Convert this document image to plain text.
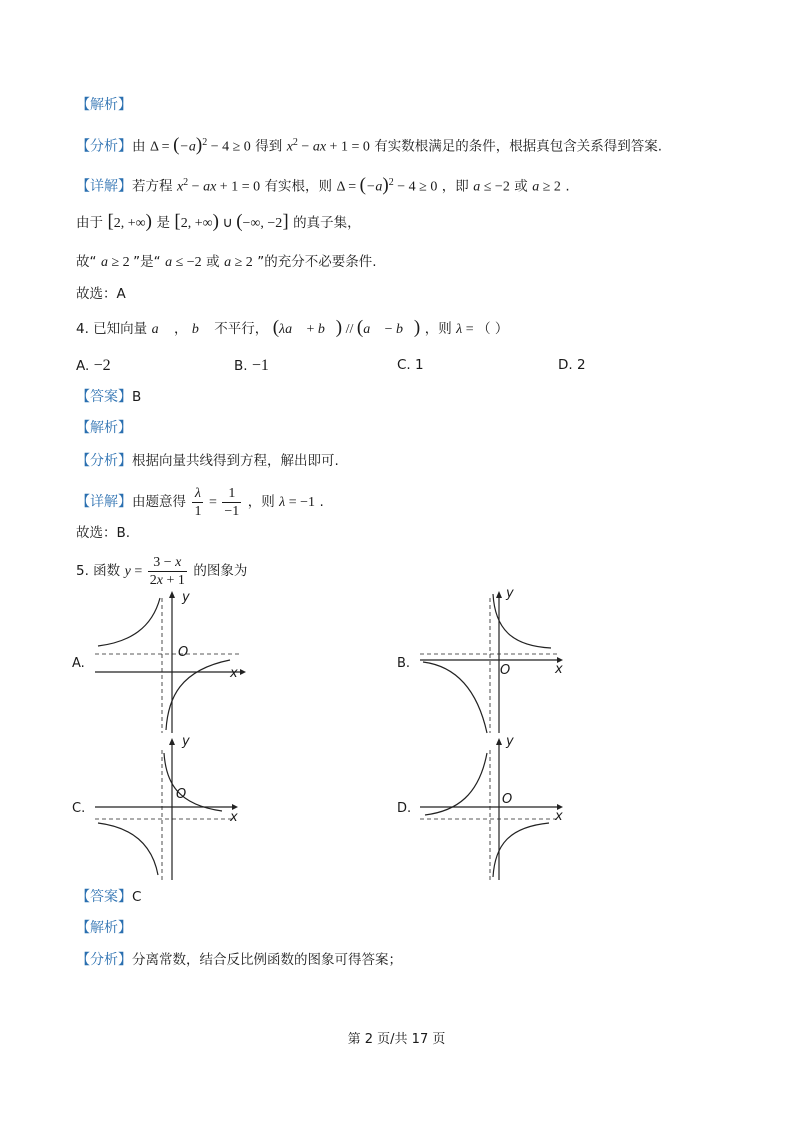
【解析】
【分析】由 $\Delta = (-a)^2 - 4 \ge 0$ 得到 $x^2$ − ax + 1 = 0 有实数根满足的条件，根据真包含关系得到答案.
【详解】若方程 $x^2$ − ax + 1 = 0 有实根，则 $\Delta = (-a)^2 - 4 \ge 0$ ，即 a ≤ −2 或 a ≥ 2 .
由于 [2, +∞) 是 [2, +∞) ∪ (−∞, −2] 的真子集，
故“ a ≥ 2 ”是“ a ≤ −2 或 a ≥ 2 ”的充分不必要条件.
故选：A
4. 已知向量 a⃗ ， b⃗ 不平行， (λa⃗ + b⃗) // (a⃗ − b⃗) ，则 λ = （ ）
A. −2	B. −1	C. 1	D. 2
【答案】B
【解析】
【分析】根据向量共线得到方程，解出即可.
【详解】由题意得 $\frac{\lambda}{1} = \frac{1}{-1}$ ，则 λ = −1 .
故选：B.
5. 函数 $y = \frac{3 - x}{2x + 1}$ 的图象为
A.
y
x
O
B.
y
x
O
C.
y
x
O
D.
y
x
O
【答案】C
【解析】
【分析】分离常数，结合反比例函数的图象可得答案；
第 2 页/共 17 页
